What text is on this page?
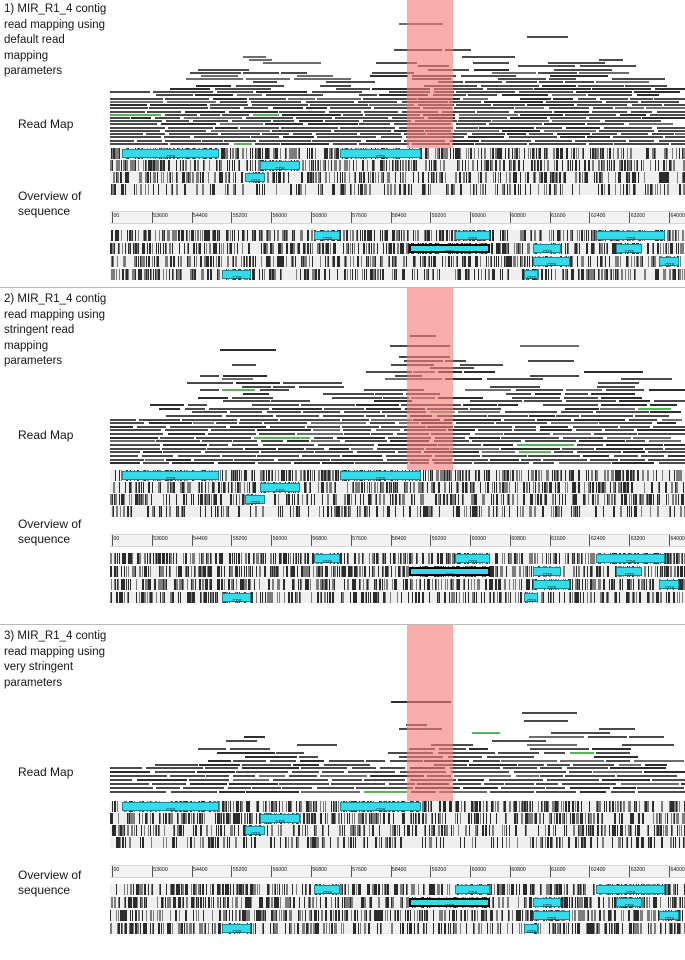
1) MIR_R1_4 contig read mapping using default read mapping parameters
Read Map
Overview of sequence
CDS	CDS
CDS
CDS
00	53600	54400	55200	56000	56800	57600	58400	59200	60000	60800	61600	62400	63200	64000
CDS	CDS	CDS
CDS	CDS	CDS
CDS	CDS
CDS	CDS
2) MIR_R1_4 contig read mapping using stringent read mapping parameters
Read Map
Overview of sequence
CDS	CDS
CDS
CDS
00	53600	54400	55200	56000	56800	57600	58400	59200	60000	60800	61600	62400	63200	64000
CDS	CDS	CDS
CDS	CDS	CDS
CDS	CDS
CDS	CDS
3) MIR_R1_4 contig read mapping using very stringent parameters
Read Map
Overview of sequence
CDS	CDS
CDS
CDS
00	53600	54400	55200	56000	56800	57600	58400	59200	60000	60800	61600	62400	63200	64000
CDS	CDS	CDS
CDS	CDS	CDS
CDS	CDS
CDS	CDS
